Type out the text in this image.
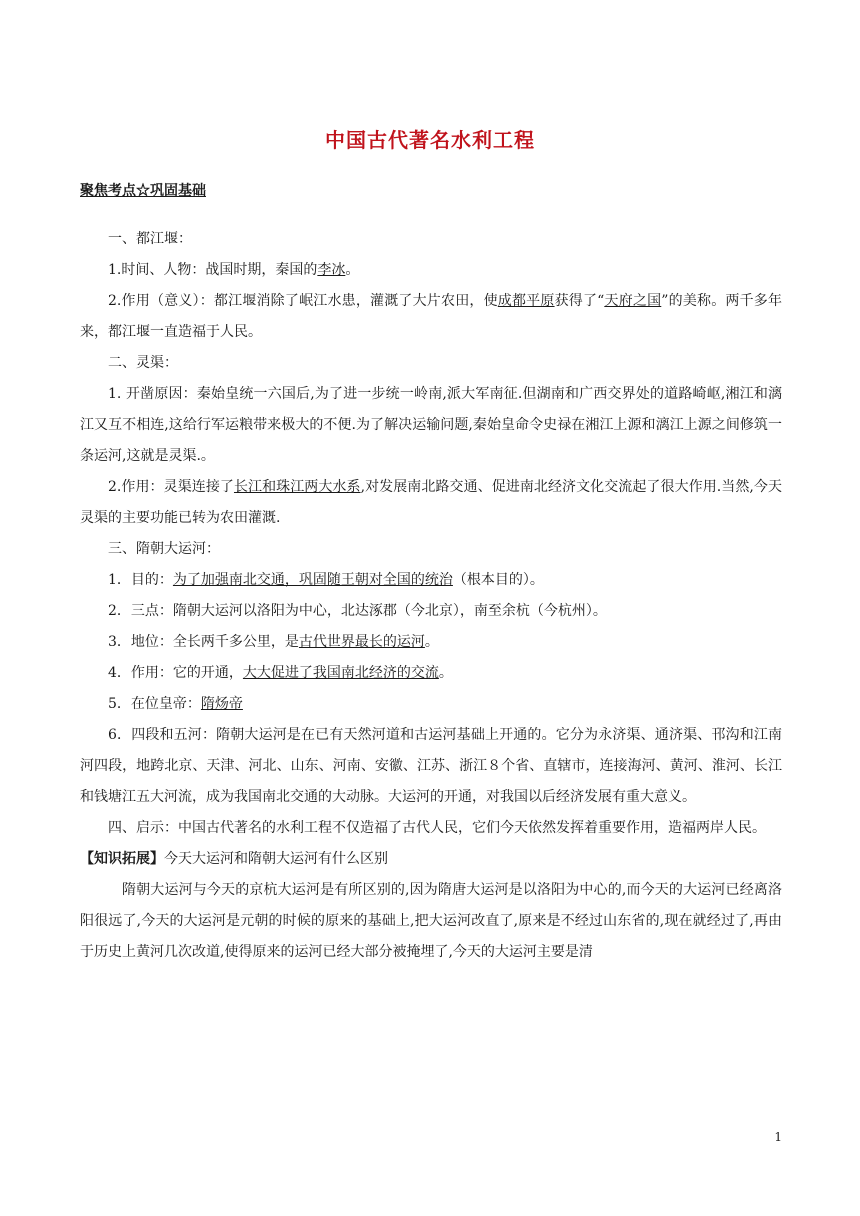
中国古代著名水利工程
聚焦考点☆巩固基础

一、都江堰：

1.时间、人物：战国时期，秦国的李冰。

2.作用（意义）：都江堰消除了岷江水患，灌溉了大片农田，使成都平原获得了“天府之国”的美称。两千多年来，都江堰一直造福于人民。

二、灵渠：

1. 开凿原因：秦始皇统一六国后,为了进一步统一岭南,派大军南征.但湖南和广西交界处的道路崎岖,湘江和漓江又互不相连,这给行军运粮带来极大的不便.为了解决运输问题,秦始皇命令史禄在湘江上源和漓江上源之间修筑一条运河,这就是灵渠.。

2.作用：灵渠连接了长江和珠江两大水系,对发展南北路交通、促进南北经济文化交流起了很大作用.当然,今天灵渠的主要功能已转为农田灌溉.

三、隋朝大运河：

1．目的：为了加强南北交通，巩固随王朝对全国的统治（根本目的）。

2．三点：隋朝大运河以洛阳为中心，北达涿郡（今北京），南至余杭（今杭州）。

3．地位：全长两千多公里，是古代世界最长的运河。

4．作用：它的开通，大大促进了我国南北经济的交流。

5．在位皇帝：隋炀帝

6．四段和五河：隋朝大运河是在已有天然河道和古运河基础上开通的。它分为永济渠、通济渠、邗沟和江南河四段，地跨北京、天津、河北、山东、河南、安徽、江苏、浙江８个省、直辖市，连接海河、黄河、淮河、长江和钱塘江五大河流，成为我国南北交通的大动脉。大运河的开通，对我国以后经济发展有重大意义。

四、启示：中国古代著名的水利工程不仅造福了古代人民，它们今天依然发挥着重要作用，造福两岸人民。

【知识拓展】今天大运河和隋朝大运河有什么区别

隋朝大运河与今天的京杭大运河是有所区别的,因为隋唐大运河是以洛阳为中心的,而今天的大运河已经离洛阳很远了,今天的大运河是元朝的时候的原来的基础上,把大运河改直了,原来是不经过山东省的,现在就经过了,再由于历史上黄河几次改道,使得原来的运河已经大部分被掩埋了,今天的大运河主要是清

1
